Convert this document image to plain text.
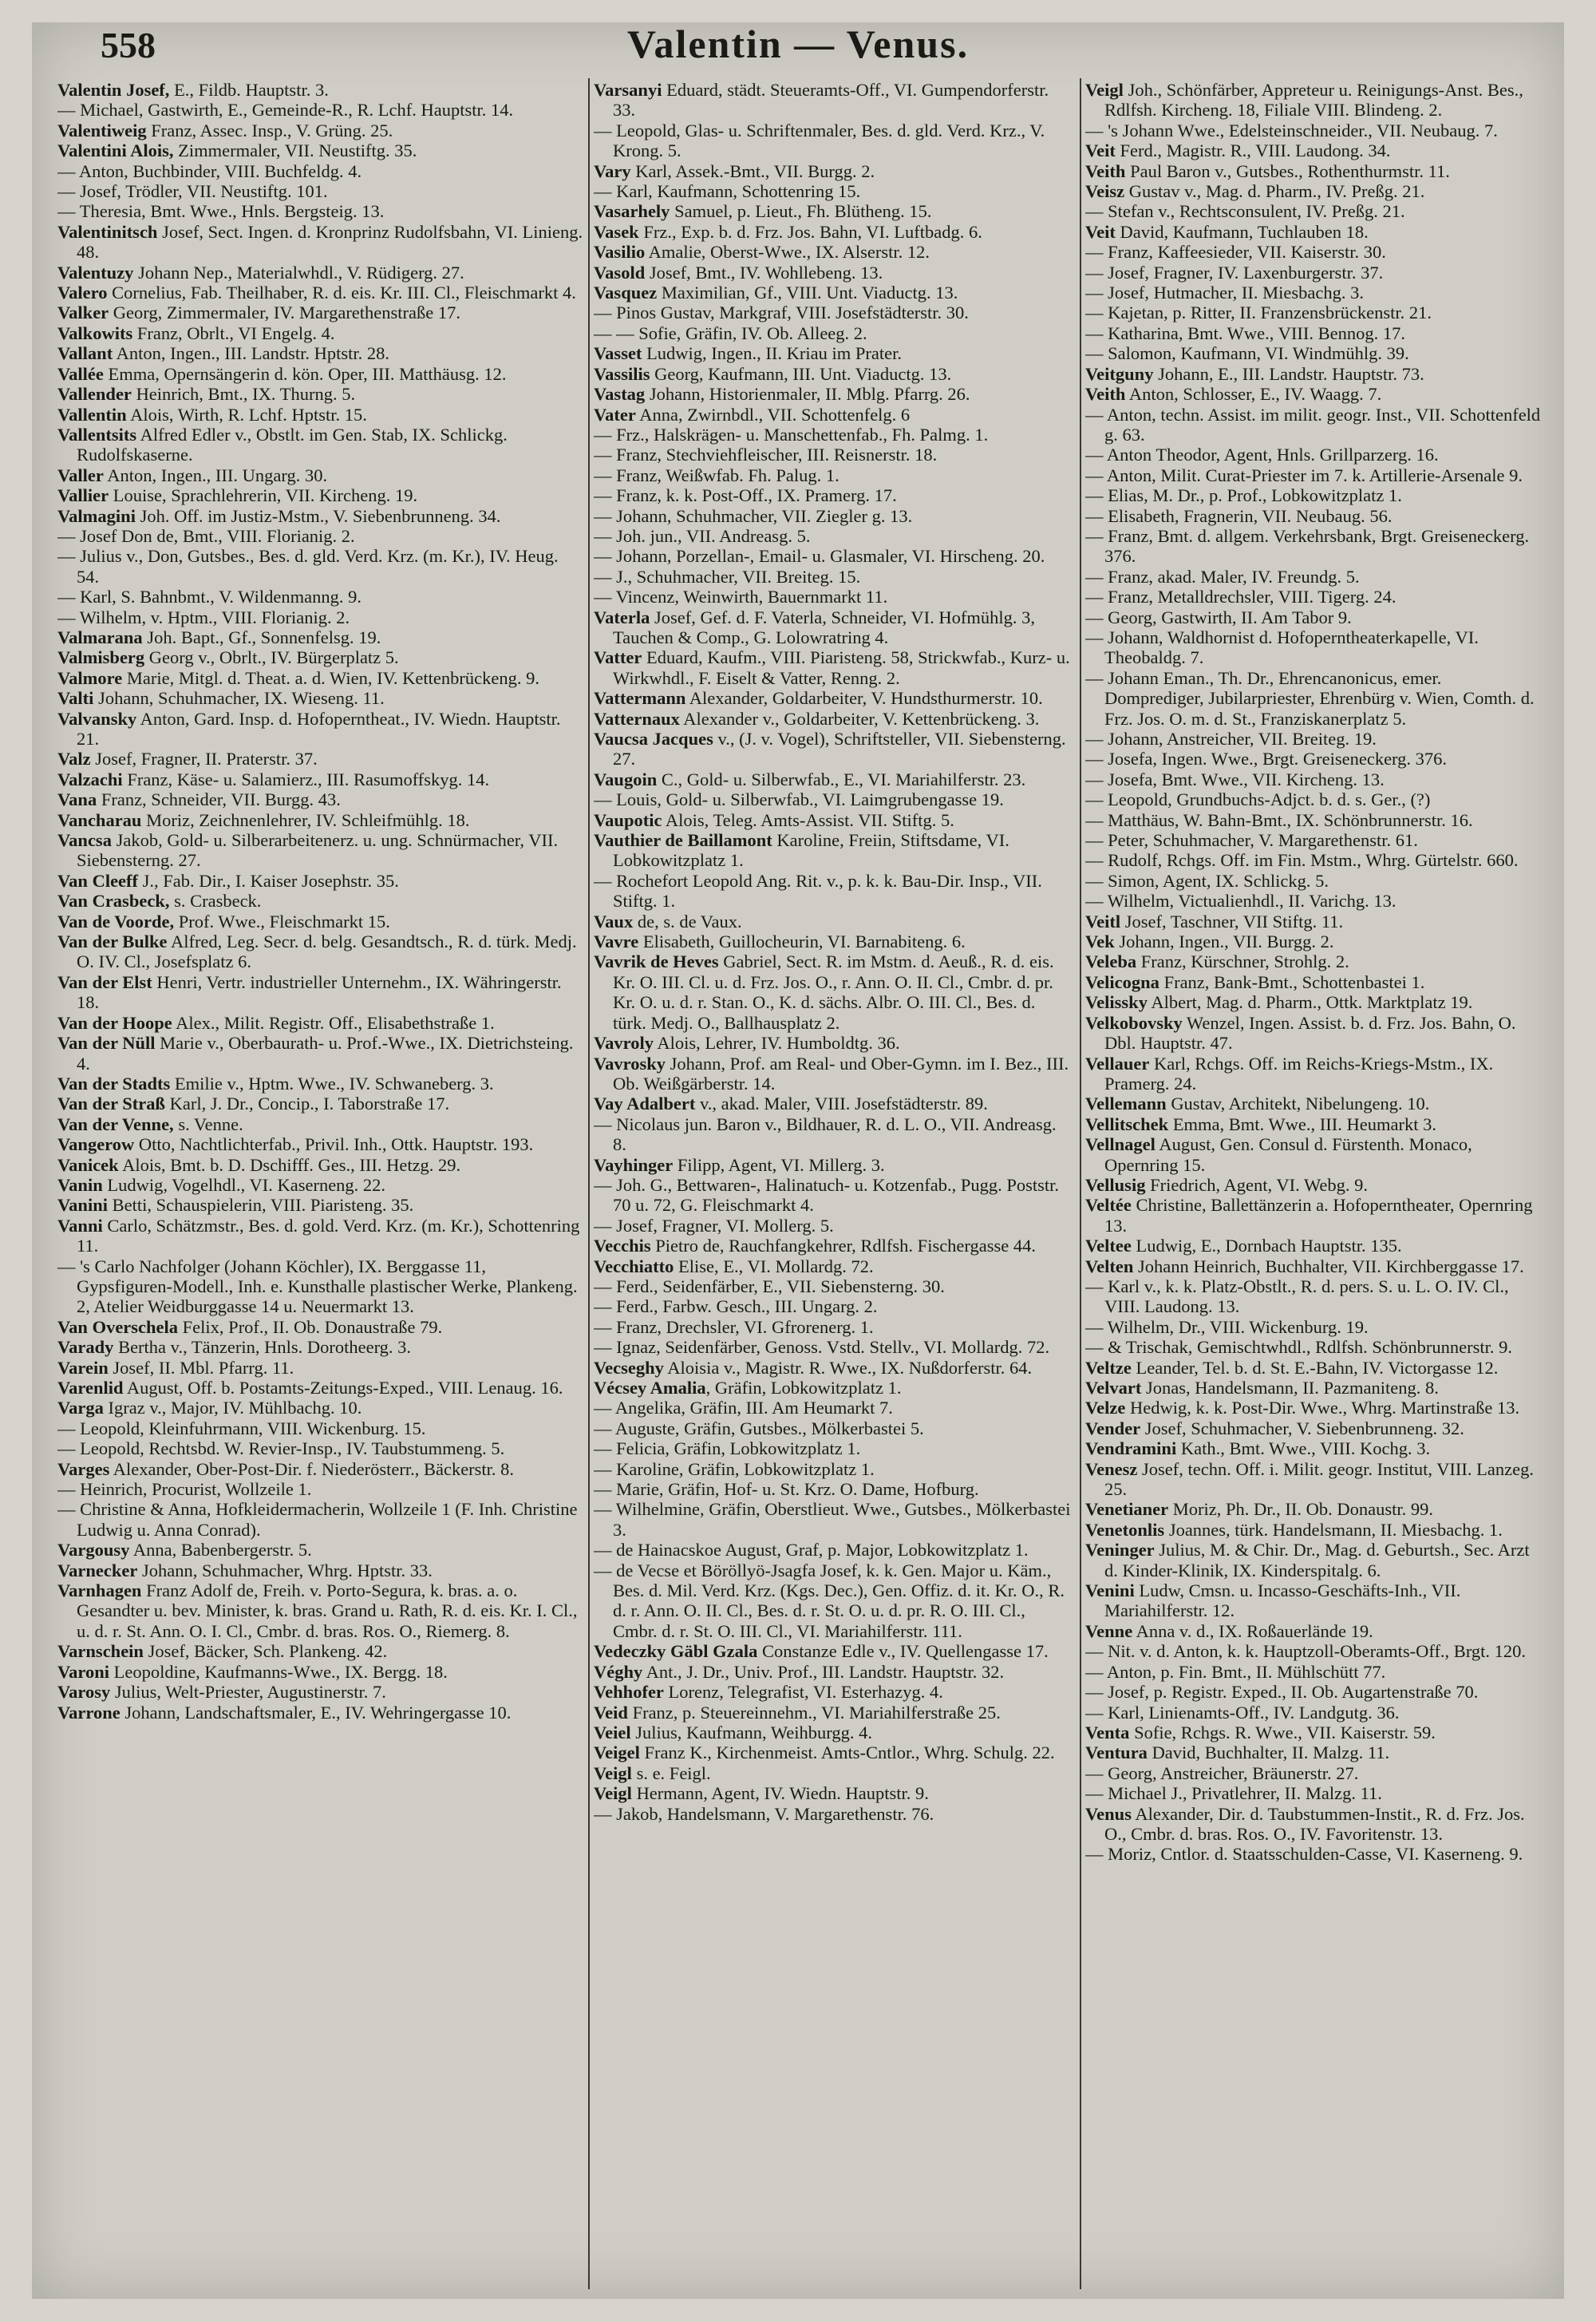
558	Valentin — Venus.
Valentin Josef, E., Fildb. Hauptstr. 3.
— Michael, Gastwirth, E., Gemeinde-R., R. Lchf. Hauptstr. 14.
Valentiweig Franz, Assec. Insp., V. Grüng. 25.
Valentini Alois, Zimmermaler, VII. Neustiftg. 35.
— Anton, Buchbinder, VIII. Buchfeldg. 4.
— Josef, Trödler, VII. Neustiftg. 101.
— Theresia, Bmt. Wwe., Hnls. Bergsteig. 13.
Valentinitsch Josef, Sect. Ingen. d. Kronprinz Rudolfsbahn, VI. Linieng. 48.
Valentuzy Johann Nep., Materialwhdl., V. Rüdigerg. 27.
Valero Cornelius, Fab. Theilhaber, R. d. eis. Kr. III. Cl., Fleischmarkt 4.
Valker Georg, Zimmermaler, IV. Margarethenstraße 17.
Valkowits Franz, Obrlt., VI Engelg. 4.
Vallant Anton, Ingen., III. Landstr. Hptstr. 28.
Vallée Emma, Opernsängerin d. kön. Oper, III. Matthäusg. 12.
Vallender Heinrich, Bmt., IX. Thurng. 5.
Vallentin Alois, Wirth, R. Lchf. Hptstr. 15.
Vallentsits Alfred Edler v., Obstlt. im Gen. Stab, IX. Schlickg. Rudolfskaserne.
Valler Anton, Ingen., III. Ungarg. 30.
Vallier Louise, Sprachlehrerin, VII. Kircheng. 19.
Valmagini Joh. Off. im Justiz-Mstm., V. Siebenbrunneng. 34.
— Josef Don de, Bmt., VIII. Florianig. 2.
— Julius v., Don, Gutsbes., Bes. d. gld. Verd. Krz. (m. Kr.), IV. Heug. 54.
— Karl, S. Bahnbmt., V. Wildenmanng. 9.
— Wilhelm, v. Hptm., VIII. Florianig. 2.
Valmarana Joh. Bapt., Gf., Sonnenfelsg. 19.
Valmisberg Georg v., Obrlt., IV. Bürgerplatz 5.
Valmore Marie, Mitgl. d. Theat. a. d. Wien, IV. Kettenbrückeng. 9.
Valti Johann, Schuhmacher, IX. Wieseng. 11.
Valvansky Anton, Gard. Insp. d. Hofoperntheat., IV. Wiedn. Hauptstr. 21.
Valz Josef, Fragner, II. Praterstr. 37.
Valzachi Franz, Käse- u. Salamierz., III. Rasumoffskyg. 14.
Vana Franz, Schneider, VII. Burgg. 43.
Vancharau Moriz, Zeichnenlehrer, IV. Schleifmühlg. 18.
Vancsa Jakob, Gold- u. Silberarbeitenerz. u. ung. Schnürmacher, VII. Siebensterng. 27.
Van Cleeff J., Fab. Dir., I. Kaiser Josephstr. 35.
Van Crasbeck, s. Crasbeck.
Van de Voorde, Prof. Wwe., Fleischmarkt 15.
Van der Bulke Alfred, Leg. Secr. d. belg. Gesandtsch., R. d. türk. Medj. O. IV. Cl., Josefsplatz 6.
Van der Elst Henri, Vertr. industrieller Unternehm., IX. Währingerstr. 18.
Van der Hoope Alex., Milit. Registr. Off., Elisabethstraße 1.
Van der Nüll Marie v., Oberbaurath- u. Prof.-Wwe., IX. Dietrichsteing. 4.
Van der Stadts Emilie v., Hptm. Wwe., IV. Schwaneberg. 3.
Van der Straß Karl, J. Dr., Concip., I. Taborstraße 17.
Van der Venne, s. Venne.
Vangerow Otto, Nachtlichterfab., Privil. Inh., Ottk. Hauptstr. 193.
Vanicek Alois, Bmt. b. D. Dschifff. Ges., III. Hetzg. 29.
Vanin Ludwig, Vogelhdl., VI. Kaserneng. 22.
Vanini Betti, Schauspielerin, VIII. Piaristeng. 35.
Vanni Carlo, Schätzmstr., Bes. d. gold. Verd. Krz. (m. Kr.), Schottenring 11.
— 's Carlo Nachfolger (Johann Köchler), IX. Berggasse 11, Gypsfiguren-Modell., Inh. e. Kunsthalle plastischer Werke, Plankeng. 2, Atelier Weidburggasse 14 u. Neuermarkt 13.
Van Overschela Felix, Prof., II. Ob. Donaustraße 79.
Varady Bertha v., Tänzerin, Hnls. Dorotheerg. 3.
Varein Josef, II. Mbl. Pfarrg. 11.
Varenlid August, Off. b. Postamts-Zeitungs-Exped., VIII. Lenaug. 16.
Varga Igraz v., Major, IV. Mühlbachg. 10.
— Leopold, Kleinfuhrmann, VIII. Wickenburg. 15.
— Leopold, Rechtsbd. W. Revier-Insp., IV. Taubstummeng. 5.
Varges Alexander, Ober-Post-Dir. f. Niederösterr., Bäckerstr. 8.
— Heinrich, Procurist, Wollzeile 1.
— Christine & Anna, Hofkleidermacherin, Wollzeile 1 (F. Inh. Christine Ludwig u. Anna Conrad).
Vargousy Anna, Babenbergerstr. 5.
Varnecker Johann, Schuhmacher, Whrg. Hptstr. 33.
Varnhagen Franz Adolf de, Freih. v. Porto-Segura, k. bras. a. o. Gesandter u. bev. Minister, k. bras. Grand u. Rath, R. d. eis. Kr. I. Cl., u. d. r. St. Ann. O. I. Cl., Cmbr. d. bras. Ros. O., Riemerg. 8.
Varnschein Josef, Bäcker, Sch. Plankeng. 42.
Varoni Leopoldine, Kaufmanns-Wwe., IX. Bergg. 18.
Varosy Julius, Welt-Priester, Augustinerstr. 7.
Varrone Johann, Landschaftsmaler, E., IV. Wehringergasse 10.
Varsanyi Eduard, städt. Steueramts-Off., VI. Gumpendorferstr. 33.
— Leopold, Glas- u. Schriftenmaler, Bes. d. gld. Verd. Krz., V. Krong. 5.
Vary Karl, Assek.-Bmt., VII. Burgg. 2.
— Karl, Kaufmann, Schottenring 15.
Vasarhely Samuel, p. Lieut., Fh. Blütheng. 15.
Vasek Frz., Exp. b. d. Frz. Jos. Bahn, VI. Luftbadg. 6.
Vasilio Amalie, Oberst-Wwe., IX. Alserstr. 12.
Vasold Josef, Bmt., IV. Wohllebeng. 13.
Vasquez Maximilian, Gf., VIII. Unt. Viaductg. 13.
— Pinos Gustav, Markgraf, VIII. Josefstädterstr. 30.
— — Sofie, Gräfin, IV. Ob. Alleeg. 2.
Vasset Ludwig, Ingen., II. Kriau im Prater.
Vassilis Georg, Kaufmann, III. Unt. Viaductg. 13.
Vastag Johann, Historienmaler, II. Mblg. Pfarrg. 26.
Vater Anna, Zwirnbdl., VII. Schottenfelg. 6
— Frz., Halskrägen- u. Manschettenfab., Fh. Palmg. 1.
— Franz, Stechviehfleischer, III. Reisnerstr. 18.
— Franz, Weißwfab. Fh. Palug. 1.
— Franz, k. k. Post-Off., IX. Pramerg. 17.
— Johann, Schuhmacher, VII. Ziegler g. 13.
— Joh. jun., VII. Andreasg. 5.
— Johann, Porzellan-, Email- u. Glasmaler, VI. Hirscheng. 20.
— J., Schuhmacher, VII. Breiteg. 15.
— Vincenz, Weinwirth, Bauernmarkt 11.
Vaterla Josef, Gef. d. F. Vaterla, Schneider, VI. Hofmühlg. 3, Tauchen & Comp., G. Lolowratring 4.
Vatter Eduard, Kaufm., VIII. Piaristeng. 58, Strickwfab., Kurz- u. Wirkwhdl., F. Eiselt & Vatter, Renng. 2.
Vattermann Alexander, Goldarbeiter, V. Hundsthurmerstr. 10.
Vatternaux Alexander v., Goldarbeiter, V. Kettenbrückeng. 3.
Vaucsa Jacques v., (J. v. Vogel), Schriftsteller, VII. Siebensterng. 27.
Vaugoin C., Gold- u. Silberwfab., E., VI. Mariahilferstr. 23.
— Louis, Gold- u. Silberwfab., VI. Laimgrubengasse 19.
Vaupotic Alois, Teleg. Amts-Assist. VII. Stiftg. 5.
Vauthier de Baillamont Karoline, Freiin, Stiftsdame, VI. Lobkowitzplatz 1.
— Rochefort Leopold Ang. Rit. v., p. k. k. Bau-Dir. Insp., VII. Stiftg. 1.
Vaux de, s. de Vaux.
Vavre Elisabeth, Guillocheurin, VI. Barnabiteng. 6.
Vavrik de Heves Gabriel, Sect. R. im Mstm. d. Aeuß., R. d. eis. Kr. O. III. Cl. u. d. Frz. Jos. O., r. Ann. O. II. Cl., Cmbr. d. pr. Kr. O. u. d. r. Stan. O., K. d. sächs. Albr. O. III. Cl., Bes. d. türk. Medj. O., Ballhausplatz 2.
Vavroly Alois, Lehrer, IV. Humboldtg. 36.
Vavrosky Johann, Prof. am Real- und Ober-Gymn. im I. Bez., III. Ob. Weißgärberstr. 14.
Vay Adalbert v., akad. Maler, VIII. Josefstädterstr. 89.
— Nicolaus jun. Baron v., Bildhauer, R. d. L. O., VII. Andreasg. 8.
Vayhinger Filipp, Agent, VI. Millerg. 3.
— Joh. G., Bettwaren-, Halinatuch- u. Kotzenfab., Pugg. Poststr. 70 u. 72, G. Fleischmarkt 4.
— Josef, Fragner, VI. Mollerg. 5.
Vecchis Pietro de, Rauchfangkehrer, Rdlfsh. Fischergasse 44.
Vecchiatto Elise, E., VI. Mollardg. 72.
— Ferd., Seidenfärber, E., VII. Siebensterng. 30.
— Ferd., Farbw. Gesch., III. Ungarg. 2.
— Franz, Drechsler, VI. Gfrorenerg. 1.
— Ignaz, Seidenfärber, Genoss. Vstd. Stellv., VI. Mollardg. 72.
Vecseghy Aloisia v., Magistr. R. Wwe., IX. Nußdorferstr. 64.
Vécsey Amalia, Gräfin, Lobkowitzplatz 1.
— Angelika, Gräfin, III. Am Heumarkt 7.
— Auguste, Gräfin, Gutsbes., Mölkerbastei 5.
— Felicia, Gräfin, Lobkowitzplatz 1.
— Karoline, Gräfin, Lobkowitzplatz 1.
— Marie, Gräfin, Hof- u. St. Krz. O. Dame, Hofburg.
— Wilhelmine, Gräfin, Oberstlieut. Wwe., Gutsbes., Mölkerbastei 3.
— de Hainacskoe August, Graf, p. Major, Lobkowitzplatz 1.
— de Vecse et Böröllyö-Jsagfa Josef, k. k. Gen. Major u. Käm., Bes. d. Mil. Verd. Krz. (Kgs. Dec.), Gen. Offiz. d. it. Kr. O., R. d. r. Ann. O. II. Cl., Bes. d. r. St. O. u. d. pr. R. O. III. Cl., Cmbr. d. r. St. O. III. Cl., VI. Mariahilferstr. 111.
Vedeczky Gäbl Gzala Constanze Edle v., IV. Quellengasse 17.
Véghy Ant., J. Dr., Univ. Prof., III. Landstr. Hauptstr. 32.
Vehhofer Lorenz, Telegrafist, VI. Esterhazyg. 4.
Veid Franz, p. Steuereinnehm., VI. Mariahilferstraße 25.
Veiel Julius, Kaufmann, Weihburgg. 4.
Veigel Franz K., Kirchenmeist. Amts-Cntlor., Whrg. Schulg. 22.
Veigl s. e. Feigl.
Veigl Hermann, Agent, IV. Wiedn. Hauptstr. 9.
— Jakob, Handelsmann, V. Margarethenstr. 76.
Veigl Joh., Schönfärber, Appreteur u. Reinigungs-Anst. Bes., Rdlfsh. Kircheng. 18, Filiale VIII. Blindeng. 2.
— 's Johann Wwe., Edelsteinschneider., VII. Neubaug. 7.
Veit Ferd., Magistr. R., VIII. Laudong. 34.
Veith Paul Baron v., Gutsbes., Rothenthurmstr. 11.
Veisz Gustav v., Mag. d. Pharm., IV. Preßg. 21.
— Stefan v., Rechtsconsulent, IV. Preßg. 21.
Veit David, Kaufmann, Tuchlauben 18.
— Franz, Kaffeesieder, VII. Kaiserstr. 30.
— Josef, Fragner, IV. Laxenburgerstr. 37.
— Josef, Hutmacher, II. Miesbachg. 3.
— Kajetan, p. Ritter, II. Franzensbrückenstr. 21.
— Katharina, Bmt. Wwe., VIII. Bennog. 17.
— Salomon, Kaufmann, VI. Windmühlg. 39.
Veitguny Johann, E., III. Landstr. Hauptstr. 73.
Veith Anton, Schlosser, E., IV. Waagg. 7.
— Anton, techn. Assist. im milit. geogr. Inst., VII. Schottenfeld g. 63.
— Anton Theodor, Agent, Hnls. Grillparzerg. 16.
— Anton, Milit. Curat-Priester im 7. k. Artillerie-Arsenale 9.
— Elias, M. Dr., p. Prof., Lobkowitzplatz 1.
— Elisabeth, Fragnerin, VII. Neubaug. 56.
— Franz, Bmt. d. allgem. Verkehrsbank, Brgt. Greiseneckerg. 376.
— Franz, akad. Maler, IV. Freundg. 5.
— Franz, Metalldrechsler, VIII. Tigerg. 24.
— Georg, Gastwirth, II. Am Tabor 9.
— Johann, Waldhornist d. Hofoperntheaterkapelle, VI. Theobaldg. 7.
— Johann Eman., Th. Dr., Ehrencanonicus, emer. Domprediger, Jubilarpriester, Ehrenbürg v. Wien, Comth. d. Frz. Jos. O. m. d. St., Franziskanerplatz 5.
— Johann, Anstreicher, VII. Breiteg. 19.
— Josefa, Ingen. Wwe., Brgt. Greiseneckerg. 376.
— Josefa, Bmt. Wwe., VII. Kircheng. 13.
— Leopold, Grundbuchs-Adjct. b. d. s. Ger., (?)
— Matthäus, W. Bahn-Bmt., IX. Schönbrunnerstr. 16.
— Peter, Schuhmacher, V. Margarethenstr. 61.
— Rudolf, Rchgs. Off. im Fin. Mstm., Whrg. Gürtelstr. 660.
— Simon, Agent, IX. Schlickg. 5.
— Wilhelm, Victualienhdl., II. Varichg. 13.
Veitl Josef, Taschner, VII Stiftg. 11.
Vek Johann, Ingen., VII. Burgg. 2.
Veleba Franz, Kürschner, Strohlg. 2.
Velicogna Franz, Bank-Bmt., Schottenbastei 1.
Velissky Albert, Mag. d. Pharm., Ottk. Marktplatz 19.
Velkobovsky Wenzel, Ingen. Assist. b. d. Frz. Jos. Bahn, O. Dbl. Hauptstr. 47.
Vellauer Karl, Rchgs. Off. im Reichs-Kriegs-Mstm., IX. Pramerg. 24.
Vellemann Gustav, Architekt, Nibelungeng. 10.
Vellitschek Emma, Bmt. Wwe., III. Heumarkt 3.
Vellnagel August, Gen. Consul d. Fürstenth. Monaco, Opernring 15.
Vellusig Friedrich, Agent, VI. Webg. 9.
Veltée Christine, Ballettänzerin a. Hofoperntheater, Opernring 13.
Veltee Ludwig, E., Dornbach Hauptstr. 135.
Velten Johann Heinrich, Buchhalter, VII. Kirchberggasse 17.
— Karl v., k. k. Platz-Obstlt., R. d. pers. S. u. L. O. IV. Cl., VIII. Laudong. 13.
— Wilhelm, Dr., VIII. Wickenburg. 19.
— & Trischak, Gemischtwhdl., Rdlfsh. Schönbrunnerstr. 9.
Veltze Leander, Tel. b. d. St. E.-Bahn, IV. Victorgasse 12.
Velvart Jonas, Handelsmann, II. Pazmaniteng. 8.
Velze Hedwig, k. k. Post-Dir. Wwe., Whrg. Martinstraße 13.
Vender Josef, Schuhmacher, V. Siebenbrunneng. 32.
Vendramini Kath., Bmt. Wwe., VIII. Kochg. 3.
Venesz Josef, techn. Off. i. Milit. geogr. Institut, VIII. Lanzeg. 25.
Venetianer Moriz, Ph. Dr., II. Ob. Donaustr. 99.
Venetonlis Joannes, türk. Handelsmann, II. Miesbachg. 1.
Veninger Julius, M. & Chir. Dr., Mag. d. Geburtsh., Sec. Arzt d. Kinder-Klinik, IX. Kinderspitalg. 6.
Venini Ludw, Cmsn. u. Incasso-Geschäfts-Inh., VII. Mariahilferstr. 12.
Venne Anna v. d., IX. Roßauerlände 19.
— Nit. v. d. Anton, k. k. Hauptzoll-Oberamts-Off., Brgt. 120.
— Anton, p. Fin. Bmt., II. Mühlschütt 77.
— Josef, p. Registr. Exped., II. Ob. Augartenstraße 70.
— Karl, Linienamts-Off., IV. Landgutg. 36.
Venta Sofie, Rchgs. R. Wwe., VII. Kaiserstr. 59.
Ventura David, Buchhalter, II. Malzg. 11.
— Georg, Anstreicher, Bräunerstr. 27.
— Michael J., Privatlehrer, II. Malzg. 11.
Venus Alexander, Dir. d. Taubstummen-Instit., R. d. Frz. Jos. O., Cmbr. d. bras. Ros. O., IV. Favoritenstr. 13.
— Moriz, Cntlor. d. Staatsschulden-Casse, VI. Kaserneng. 9.
